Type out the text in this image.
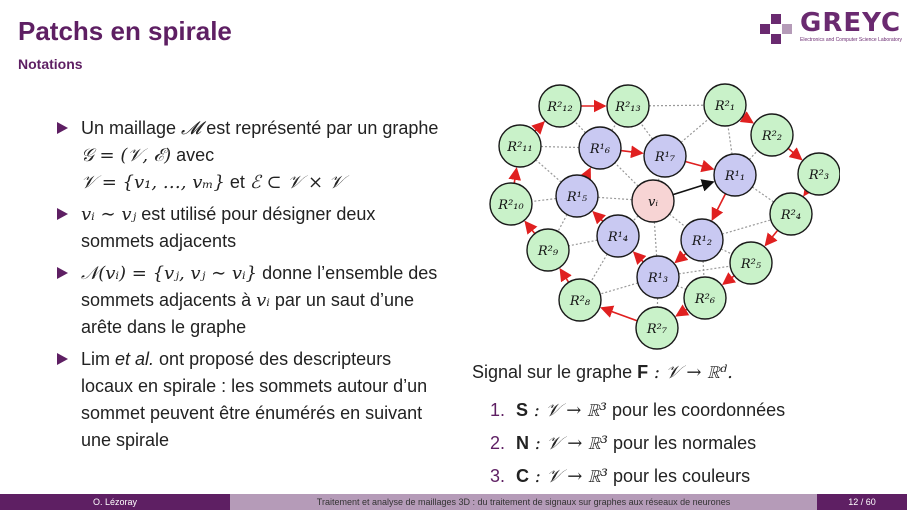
Patchs en spirale
Notations
GREYC
Electronics and Computer Science Laboratory
Un maillage 𝓜 est représenté par un graphe 𝒢 = (𝒱, ℰ) avec
𝒱 = {v₁, …, vₘ} et ℰ ⊂ 𝒱 × 𝒱
vᵢ ∼ vⱼ est utilisé pour désigner deux sommets adjacents
𝒩(vᵢ) = {vⱼ, vⱼ ∼ vᵢ} donne l’ensemble des sommets adjacents à vᵢ par un saut d’une arête dans le graphe
Lim et al. ont proposé des descripteurs locaux en spirale : les sommets autour d’un sommet peuvent être énumérés en suivant une spirale
vᵢ
R¹₁
R¹₂
R¹₃
R¹₄
R¹₅
R¹₆
R¹₇
R²₁
R²₂
R²₃
R²₄
R²₅
R²₆
R²₇
R²₈
R²₉
R²₁₀
R²₁₁
R²₁₂	R²₁₃
Signal sur le graphe F : 𝒱 → ℝᵈ.
1. S : 𝒱 → ℝ³ pour les coordonnées
2. N : 𝒱 → ℝ³ pour les normales
3. C : 𝒱 → ℝ³ pour les couleurs
O. Lézoray	Traitement et analyse de maillages 3D : du traitement de signaux sur graphes aux réseaux de neurones	12 / 60
